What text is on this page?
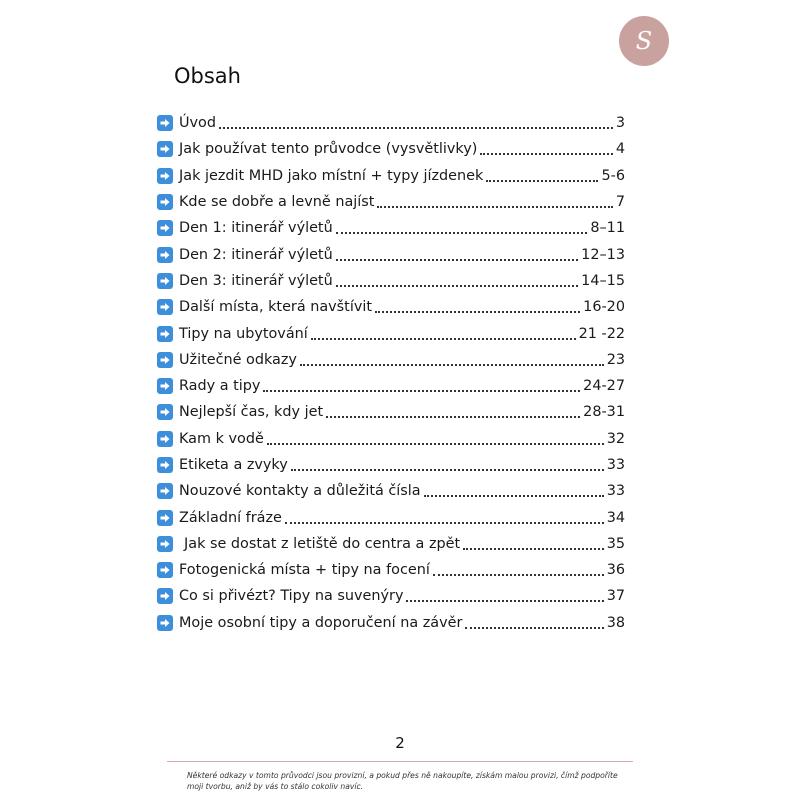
S
Obsah
Úvod	3
Jak používat tento průvodce (vysvětlivky)	4
Jak jezdit MHD jako místní + typy jízdenek	5-6
Kde se dobře a levně najíst	7
Den 1: itinerář výletů	8–11
Den 2: itinerář výletů	12–13
Den 3: itinerář výletů	14–15
Další místa, která navštívit	16-20
Tipy na ubytování	21 -22
Užitečné odkazy	23
Rady a tipy	24-27
Nejlepší čas, kdy jet	28-31
Kam k vodě	32
Etiketa a zvyky	33
Nouzové kontakty a důležitá čísla	33
Základní fráze	34
Jak se dostat z letiště do centra a zpět	35
Fotogenická místa + tipy na focení	36
Co si přivézt? Tipy na suvenýry	37
Moje osobní tipy a doporučení na závěr	38
2
Některé odkazy v tomto průvodci jsou provizní, a pokud přes ně nakoupíte, získám malou provizi, čímž podpoříte moji tvorbu, aniž by vás to stálo cokoliv navíc.
